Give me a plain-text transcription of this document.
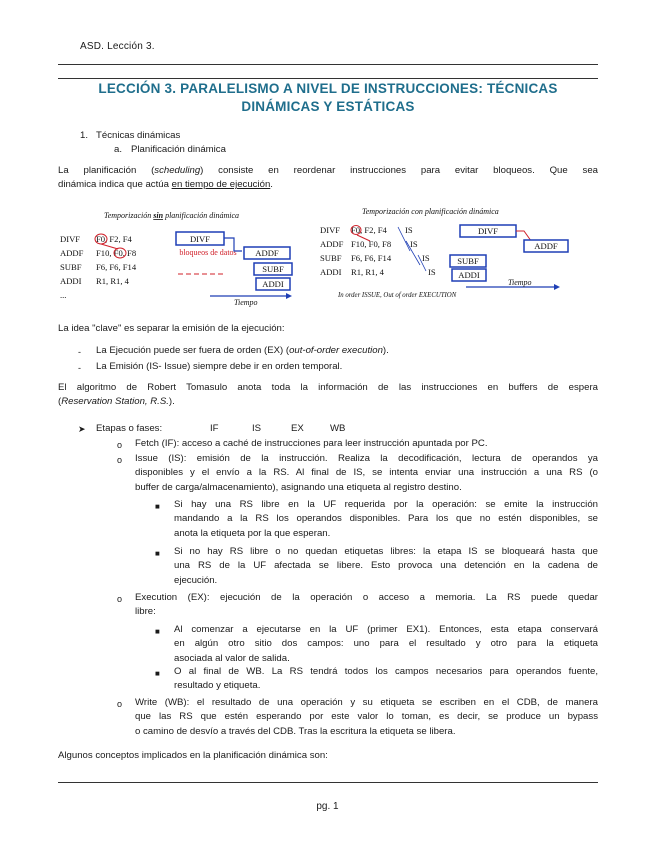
ASD. Lección 3.
LECCIÓN 3. PARALELISMO A NIVEL DE INSTRUCCIONES: TÉCNICAS
DINÁMICAS Y ESTÁTICAS
1. Técnicas dinámicas
a. Planificación dinámica
La planificación (scheduling) consiste en reordenar instrucciones para evitar bloqueos. Que sea
dinámica indica que actúa en tiempo de ejecución.
Temporización sin planificación dinámica
DIVF F0, F2, F4
ADDF F10, F0, F8
SUBF F6, F6, F14
ADDI R1, R1, 4
...
bloqueos de datos
DIVF
ADDF
SUBF
ADDI
Tiempo
Temporización con planificación dinámica
DIVF F0, F2, F4
ADDF F10, F0, F8
SUBF F6, F6, F14
ADDI R1, R1, 4
IS
IS
IS
IS
DIVF
ADDF
SUBF
ADDI
Tiempo
In order ISSUE, Out of order EXECUTION
La idea "clave" es separar la emisión de la ejecución:
- La Ejecución puede ser fuera de orden (EX) (out-of-order execution).
- La Emisión (IS- Issue) siempre debe ir en orden temporal.
El algoritmo de Robert Tomasulo anota toda la información de las instrucciones en buffers de espera
(Reservation Station, R.S.).
➤ Etapas o fases:	IF	IS	EX	WB
o Fetch (IF): acceso a caché de instrucciones para leer instrucción apuntada por PC.
o Issue (IS): emisión de la instrucción. Realiza la decodificación, lectura de operandos ya
disponibles y el envío a la RS. Al final de IS, se intenta enviar una instrucción a una RS (o
buffer de carga/almacenamiento), asignando una etiqueta al registro destino.
■ Si hay una RS libre en la UF requerida por la operación: se emite la instrucción
mandando a la RS los operandos disponibles. Para los que no estén disponibles, se
anota la etiqueta por la que esperan.
■ Si no hay RS libre o no quedan etiquetas libres: la etapa IS se bloqueará hasta que
una RS de la UF afectada se libere. Esto provoca una detención en la cadena de
ejecución.
o Execution (EX): ejecución de la operación o acceso a memoria. La RS puede quedar
libre:
■ Al comenzar a ejecutarse en la UF (primer EX1). Entonces, esta etapa conservará
en algún otro sitio dos campos: uno para el resultado y otro para la etiqueta
asociada al valor de salida.
■ O al final de WB. La RS tendrá todos los campos necesarios para operandos fuente,
resultado y etiqueta.
o Write (WB): el resultado de una operación y su etiqueta se escriben en el CDB, de manera
que las RS que estén esperando por este valor lo toman, es decir, se produce un bypass
o camino de desvío a través del CDB. Tras la escritura la etiqueta se libera.
Algunos conceptos implicados en la planificación dinámica son:
pg. 1
